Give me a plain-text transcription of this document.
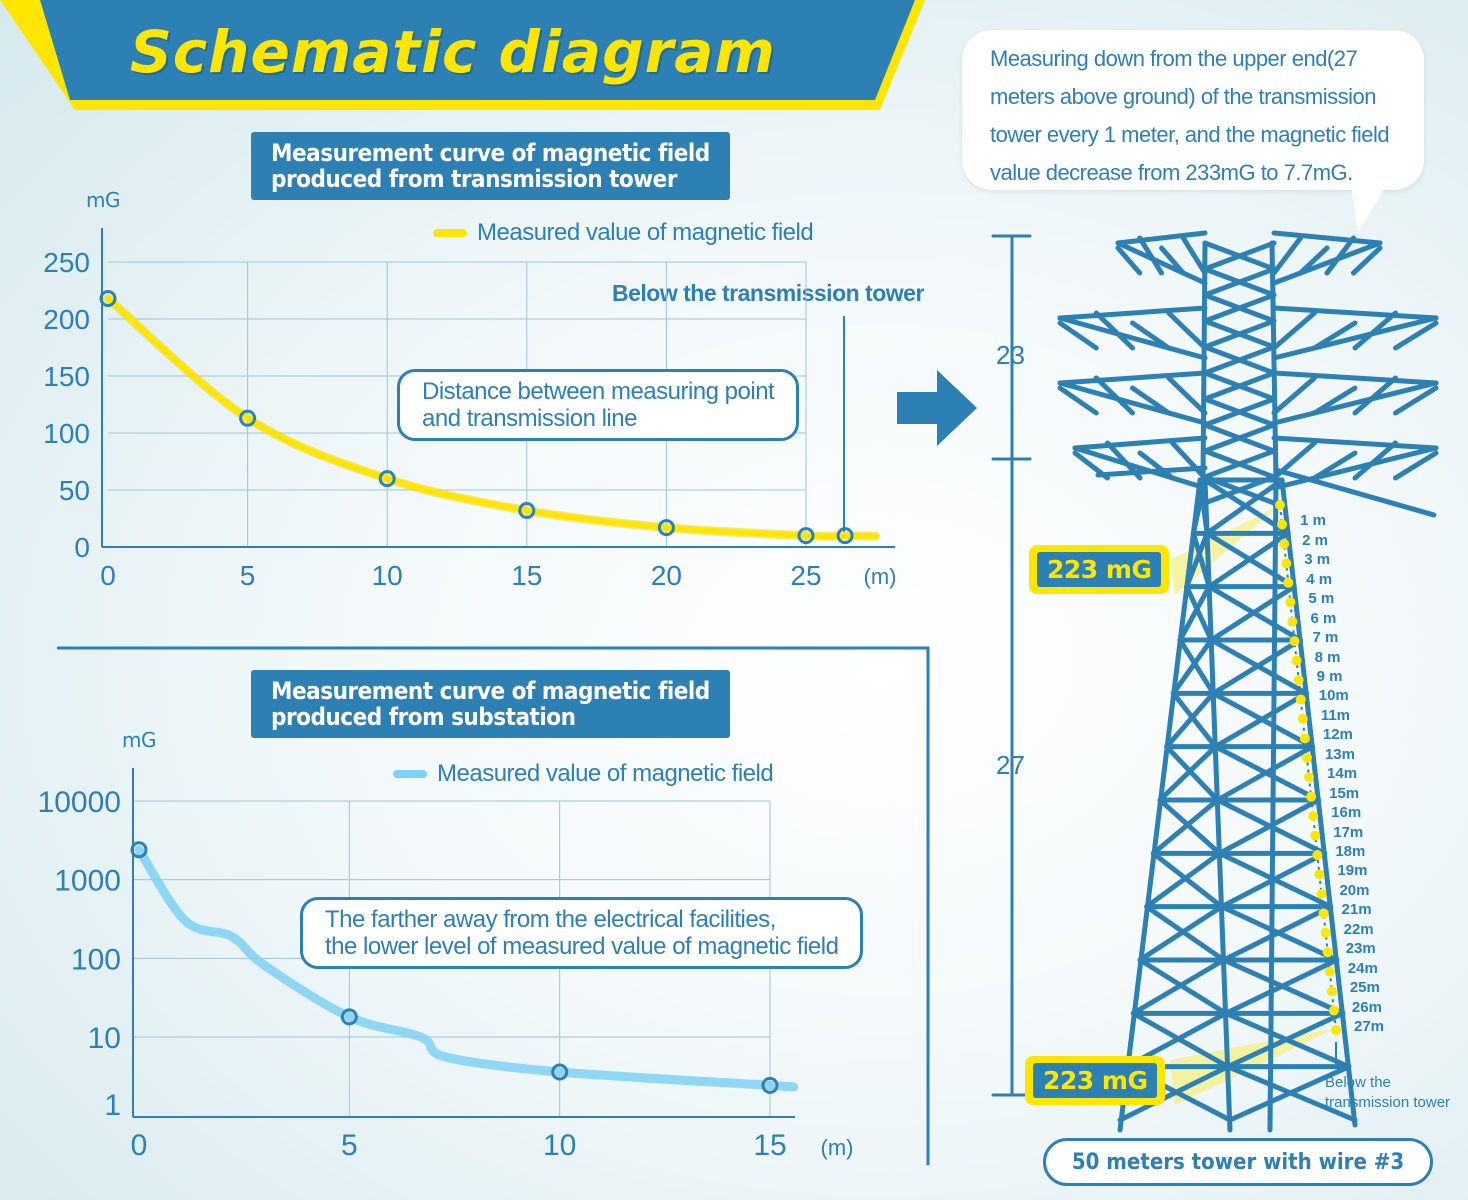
Schematic diagram
Measurement curve of magnetic field
produced from transmission tower
mG
Measured value of magnetic field
Below the transmission tower
0
50
100
150
200
250
0	5	10	15	20	25 (m)
Distance between measuring point
and transmission line
Measurement curve of magnetic field
produced from substation
mG
Measured value of magnetic field
1
10
100
1000
10000
0	5	10	15 (m)
The farther away from the electrical facilities,
the lower level of measured value of magnetic field
Measuring down from the upper end(27 meters above ground) of the transmission tower every 1 meter, and the magnetic field value decrease from 233mG to 7.7mG.
23
27
223 mG
223 mG
1 m
2 m
3 m
4 m
5 m
6 m
7 m
8 m
9 m
10m
11m
12m
13m
14m
15m
16m
17m
18m
19m
20m
21m
22m
23m
24m
25m
26m
27m
Below the
transmission tower
50 meters tower with wire #3
